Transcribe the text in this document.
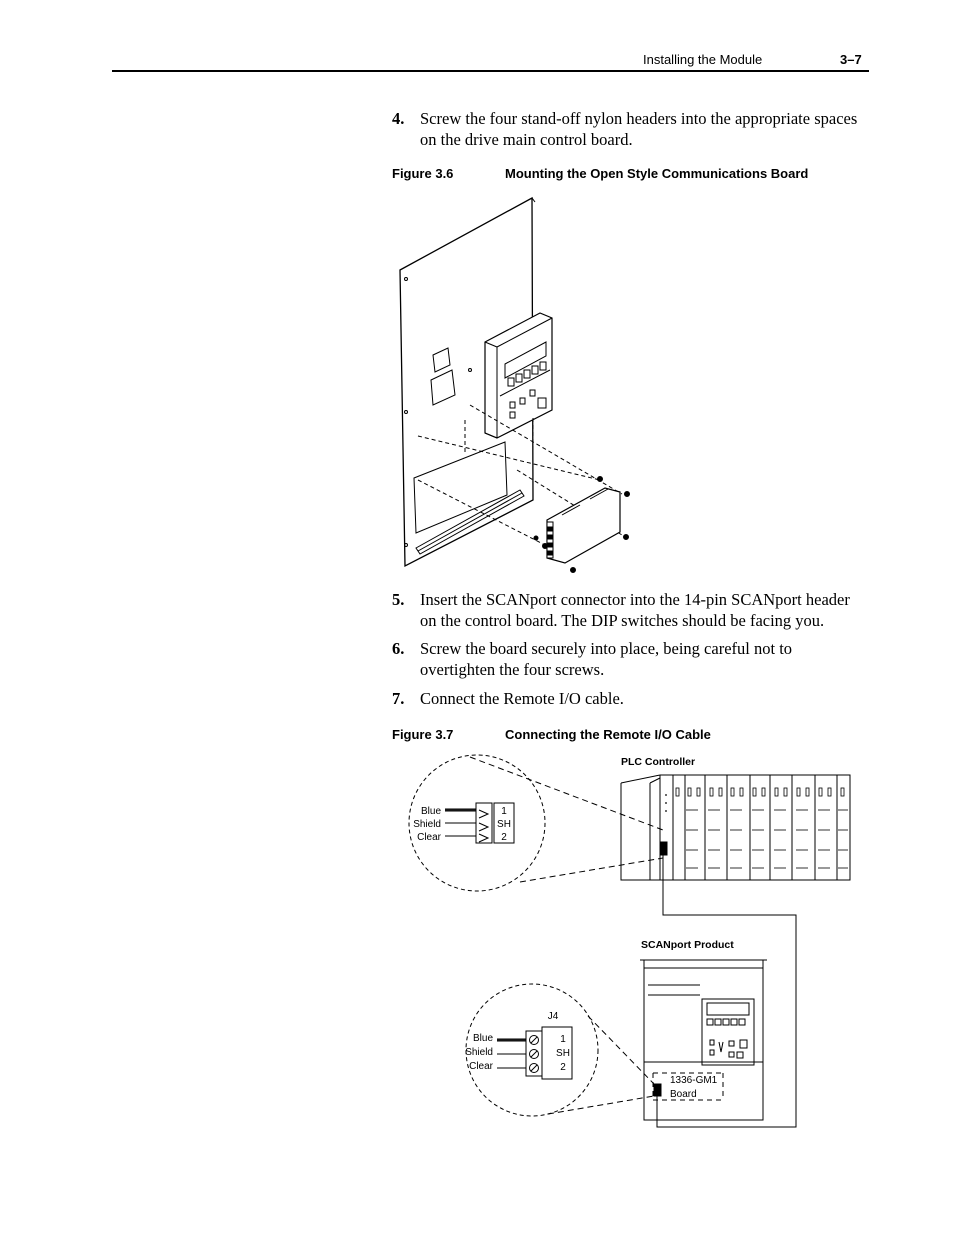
Installing the Module	3–7
4. Screw the four stand-off nylon headers into the appropriate spaces on the drive main control board.
Figure 3.6	Mounting the Open Style Communications Board
5. Insert the SCANport connector into the 14-pin SCANport header on the control board. The DIP switches should be facing you.
6. Screw the board securely into place, being careful not to overtighten the four screws.
7. Connect the Remote I/O cable.
Figure 3.7	Connecting the Remote I/O Cable
PLC Controller
Blue
Shield
Clear
1
SH
2
SCANport Product
1336-GM1
Board
J4
Blue
Shield
Clear
1
SH
2
